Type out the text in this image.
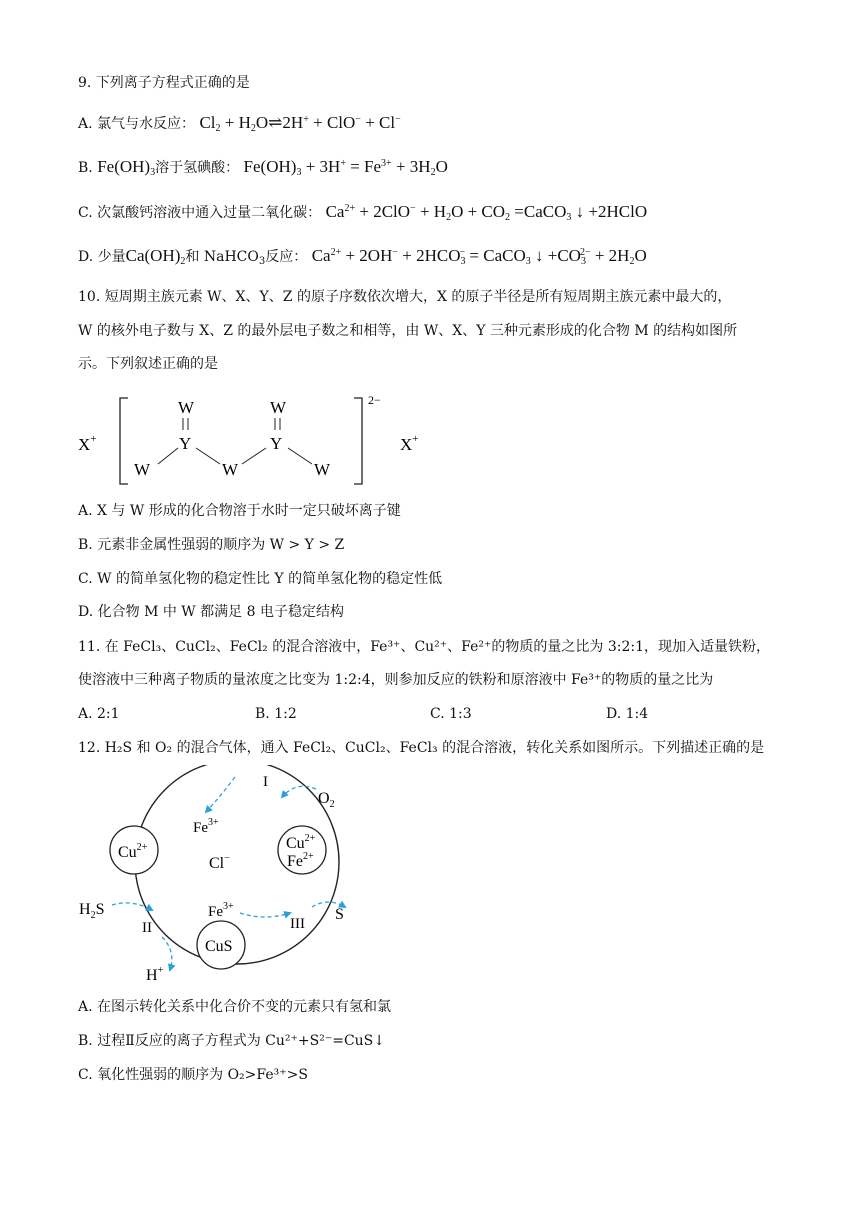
9. 下列离子方程式正确的是
A. 氯气与水反应： $Cl_2$ + $H_2O\rightleftharpoons 2H^+ + ClO^- + Cl^-$
B. $Fe(OH)_3$溶于氢碘酸： $Fe(OH)_3 + 3H^+ = Fe^{3+} + 3H_2O$
C. 次氯酸钙溶液中通入过量二氧化碳： $Ca^{2+} + 2ClO^- + H_2O + CO_2$ =CaCO$_3$ ↓ +2HClO
D. 少量$Ca(OH)_2$和 NaHCO$_3$反应： $Ca^{2+} + 2OH^- + 2HCO_3^-$ = CaCO$_3$ ↓ $+CO_3^{2-} + 2H_2O$
10. 短周期主族元素 W、X、Y、Z 的原子序数依次增大，X 的原子半径是所有短周期主族元素中最大的，
W 的核外电子数与 X、Z 的最外层电子数之和相等，由 W、X、Y 三种元素形成的化合物 M 的结构如图所
示。下列叙述正确的是
X+
2−
X+
W
Y
W	W
W
Y
W
A. X 与 W 形成的化合物溶于水时一定只破坏离子键
B. 元素非金属性强弱的顺序为 W > Y > Z
C. W 的简单氢化物的稳定性比 Y 的简单氢化物的稳定性低
D. 化合物 M 中 W 都满足 8 电子稳定结构
11. 在 FeCl₃、CuCl₂、FeCl₂ 的混合溶液中，Fe³⁺、Cu²⁺、Fe²⁺的物质的量之比为 3:2:1，现加入适量铁粉，
使溶液中三种离子物质的量浓度之比变为 1:2:4，则参加反应的铁粉和原溶液中 Fe³⁺的物质的量之比为
A. 2:1	B. 1:2	C. 1:3	D. 1:4
12. H₂S 和 O₂ 的混合气体，通入 FeCl₂、CuCl₂、FeCl₃ 的混合溶液，转化关系如图所示。下列描述正确的是
$Cu^{2+}$	$Cu^{2+}$
$Fe^{2+}$
CuS
$Fe^{3+}$
Cl−
$Fe^{3+}$
I
II	III
$O_2$
$H_2S$	S
H+
A. 在图示转化关系中化合价不变的元素只有氢和氯
B. 过程Ⅱ反应的离子方程式为 Cu²⁺+S²⁻=CuS↓
C. 氧化性强弱的顺序为 O₂>Fe³⁺>S
